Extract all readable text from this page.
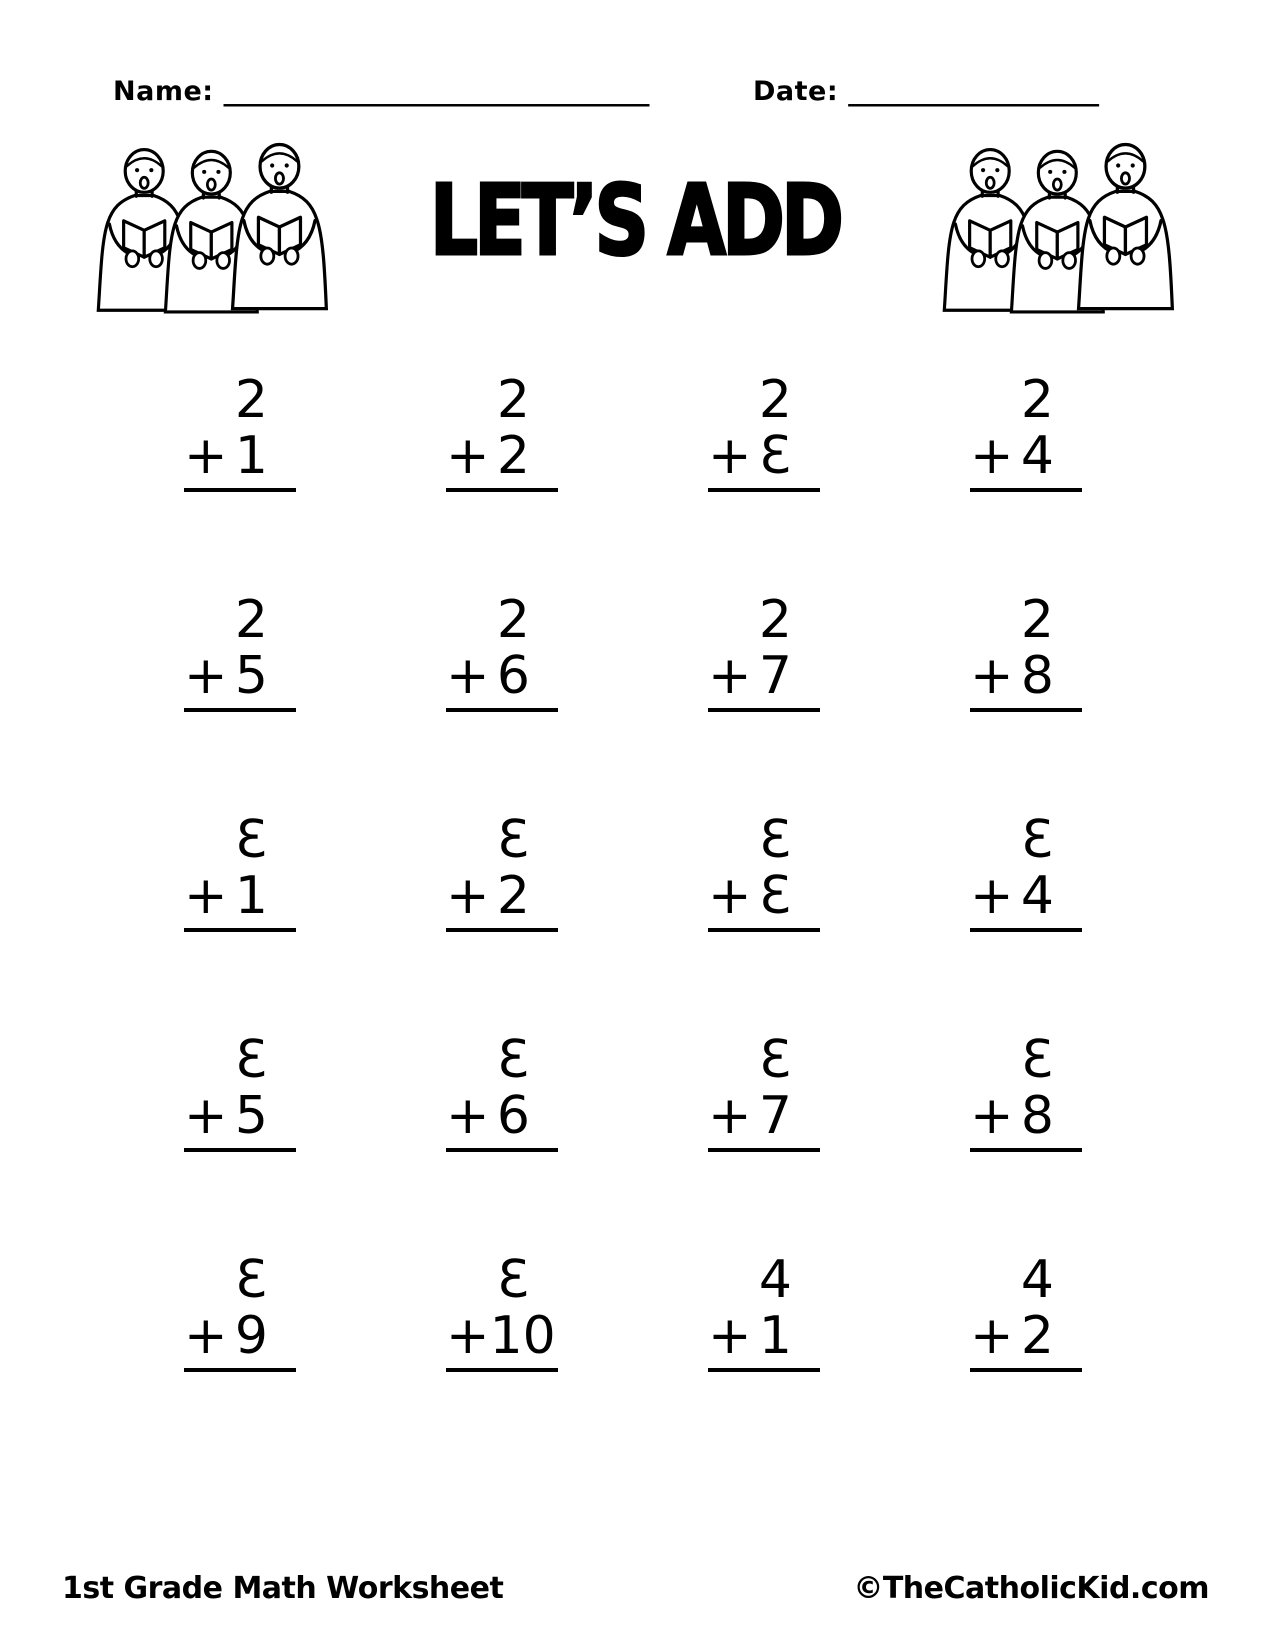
Name: __________________________________	Date: ____________________
LET’S ADD
2
+ 1
2
+ 2
2
+ 3
2
+ 4
2
+ 5
2
+ 6
2
+ 7
2
+ 8
3
+ 1
3
+ 2
3
+ 3
3
+ 4
3
+ 5
3
+ 6
3
+ 7
3
+ 8
3
+ 9
3
+ 10
4
+ 1
4
+ 2
1st Grade Math Worksheet	©TheCatholicKid.com
